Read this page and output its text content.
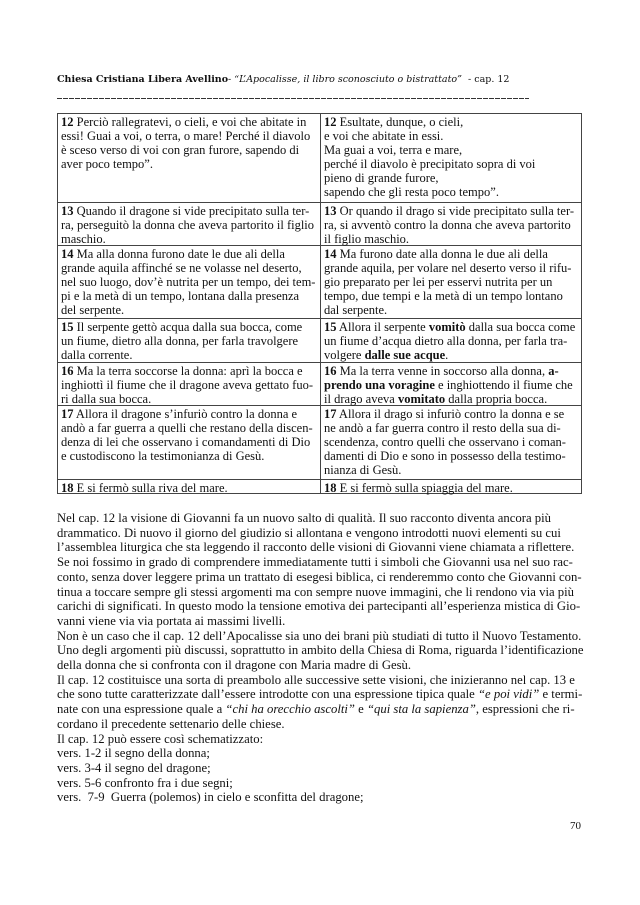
Chiesa Cristiana Libera Avellino- “L’Apocalisse, il libro sconosciuto o bistrattato”  - cap. 12
12 Perciò rallegratevi, o cieli, e voi che abitate in
essi! Guai a voi, o terra, o mare! Perché il diavolo
è sceso verso di voi con gran furore, sapendo di
aver poco tempo”.
12 Esultate, dunque, o cieli,
e voi che abitate in essi.
Ma guai a voi, terra e mare,
perché il diavolo è precipitato sopra di voi
pieno di grande furore,
sapendo che gli resta poco tempo”.
13 Quando il dragone si vide precipitato sulla ter-
ra, perseguitò la donna che aveva partorito il figlio
maschio.
13 Or quando il drago si vide precipitato sulla ter-
ra, si avventò contro la donna che aveva partorito
il figlio maschio.
14 Ma alla donna furono date le due ali della
grande aquila affinché se ne volasse nel deserto,
nel suo luogo, dov’è nutrita per un tempo, dei tem-
pi e la metà di un tempo, lontana dalla presenza
del serpente.
14 Ma furono date alla donna le due ali della
grande aquila, per volare nel deserto verso il rifu-
gio preparato per lei per esservi nutrita per un
tempo, due tempi e la metà di un tempo lontano
dal serpente.
15 Il serpente gettò acqua dalla sua bocca, come
un fiume, dietro alla donna, per farla travolgere
dalla corrente.
15 Allora il serpente vomitò dalla sua bocca come
un fiume d’acqua dietro alla donna, per farla tra-
volgere dalle sue acque.
16 Ma la terra soccorse la donna: aprì la bocca e
inghiottì il fiume che il dragone aveva gettato fuo-
ri dalla sua bocca.
16 Ma la terra venne in soccorso alla donna, a-
prendo una voragine e inghiottendo il fiume che
il drago aveva vomitato dalla propria bocca.
17 Allora il dragone s’infuriò contro la donna e
andò a far guerra a quelli che restano della discen-
denza di lei che osservano i comandamenti di Dio
e custodiscono la testimonianza di Gesù.
17 Allora il drago si infuriò contro la donna e se
ne andò a far guerra contro il resto della sua di-
scendenza, contro quelli che osservano i coman-
damenti di Dio e sono in possesso della testimo-
nianza di Gesù.
18 E si fermò sulla riva del mare.	18 E si fermò sulla spiaggia del mare.
Nel cap. 12 la visione di Giovanni fa un nuovo salto di qualità. Il suo racconto diventa ancora più
drammatico. Di nuovo il giorno del giudizio si allontana e vengono introdotti nuovi elementi su cui
l’assemblea liturgica che sta leggendo il racconto delle visioni di Giovanni viene chiamata a riflettere.
Se noi fossimo in grado di comprendere immediatamente tutti i simboli che Giovanni usa nel suo rac-
conto, senza dover leggere prima un trattato di esegesi biblica, ci renderemmo conto che Giovanni con-
tinua a toccare sempre gli stessi argomenti ma con sempre nuove immagini, che li rendono via via più
carichi di significati. In questo modo la tensione emotiva dei partecipanti all’esperienza mistica di Gio-
vanni viene via via portata ai massimi livelli.
Non è un caso che il cap. 12 dell’Apocalisse sia uno dei brani più studiati di tutto il Nuovo Testamento.
Uno degli argomenti più discussi, soprattutto in ambito della Chiesa di Roma, riguarda l’identificazione
della donna che si confronta con il dragone con Maria madre di Gesù.
Il cap. 12 costituisce una sorta di preambolo alle successive sette visioni, che inizieranno nel cap. 13 e
che sono tutte caratterizzate dall’essere introdotte con una espressione tipica quale “e poi vidi” e termi-
nate con una espressione quale a “chi ha orecchio ascolti” e “qui sta la sapienza”, espressioni che ri-
cordano il precedente settenario delle chiese.
Il cap. 12 può essere così schematizzato:
vers. 1-2 il segno della donna;
vers. 3-4 il segno del dragone;
vers. 5-6 confronto fra i due segni;
vers.  7-9  Guerra (polemos) in cielo e sconfitta del dragone;
70
